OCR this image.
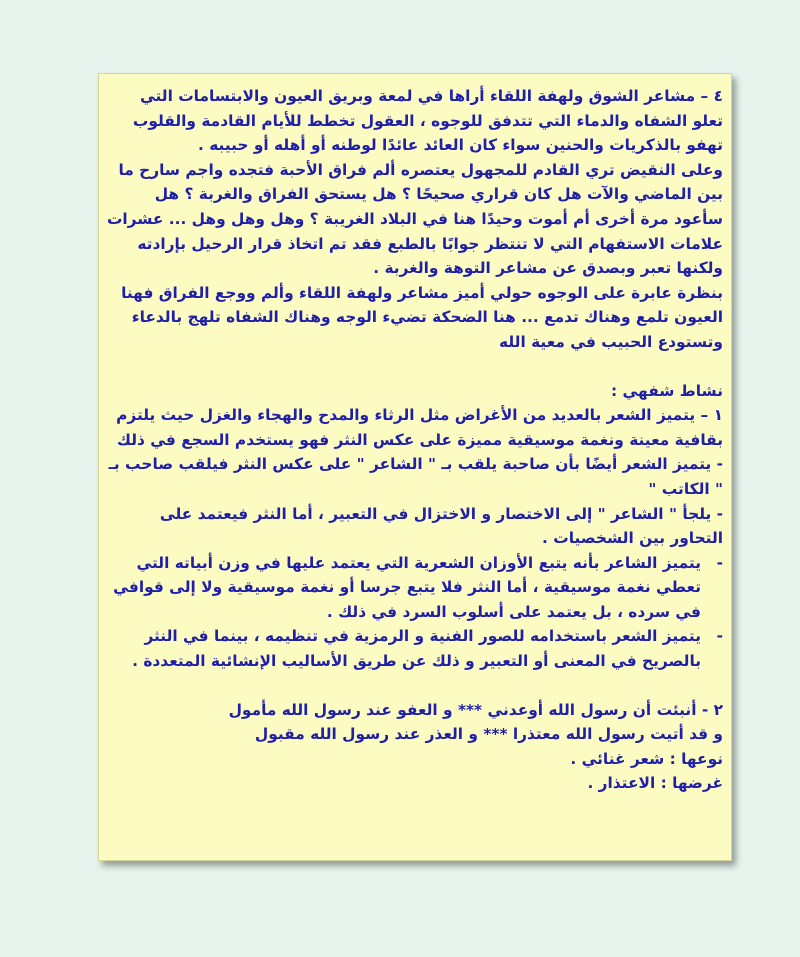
٤ – مشاعر الشوق ولهفة اللقاء أراها في لمعة وبريق العيون والابتسامات التي تعلو الشفاه والدماء التي تتدفق للوجوه ، العقول تخطط للأيام القادمة والقلوب تهفو بالذكريات والحنين سواء كان العائد عائدًا لوطنه أو أهله أو حبيبه .
وعلى النقيض تري القادم للمجهول يعتصره ألم فراق الأحبة فتجده واجم سارح ما بين الماضي والآت هل كان قراري صحيحًا ؟ هل يستحق الفراق والغربة ؟ هل سأعود مرة أخرى أم أموت وحيدًا هنا في البلاد الغريبة ؟ وهل وهل وهل ... عشرات علامات الاستفهام التي لا تنتظر جوابًا بالطبع فقد تم اتخاذ قرار الرحيل بإرادته ولكنها تعبر وبصدق عن مشاعر التوهة والغربة .
بنظرة عابرة على الوجوه حولي أميز مشاعر ولهفة اللقاء وألم ووجع الفراق فهنا العيون تلمع وهناك تدمع ... هنا الضحكة تضيء الوجه وهناك الشفاه تلهج بالدعاء وتستودع الحبيب في معية الله
نشاط شفهي :
١ – يتميز الشعر بالعديد من الأغراض مثل الرثاء والمدح والهجاء والغزل حيث يلتزم بقافية معينة ونغمة موسيقية مميزة على عكس النثر فهو يستخدم السجع في ذلك
- يتميز الشعر أيضًا بأن صاحبة يلقب بـ " الشاعر " على عكس النثر فيلقب صاحب بـ " الكاتب "
- يلجأ " الشاعر " إلى الاختصار و الاختزال في التعبير ، أما النثر فيعتمد على التحاور بين الشخصيات .
- يتميز الشاعر بأنه يتبع الأوزان الشعرية التي يعتمد عليها في وزن أبياته التي تعطي نغمة موسيقية ، أما النثر فلا يتبع جرسا أو نغمة موسيقية ولا إلى قوافي في سرده ، بل يعتمد على أسلوب السرد في ذلك .
- يتميز الشعر باستخدامه للصور الفنية و الرمزية في تنظيمه ، بينما في النثر بالصريح في المعنى أو التعبير و ذلك عن طريق الأساليب الإنشائية المتعددة .
٢ - أنبئت أن رسول الله أوعدني *** و العفو عند رسول الله مأمول
و قد أتيت رسول الله معتذرا *** و العذر عند رسول الله مقبول
نوعها : شعر غنائي .
غرضها : الاعتذار .
